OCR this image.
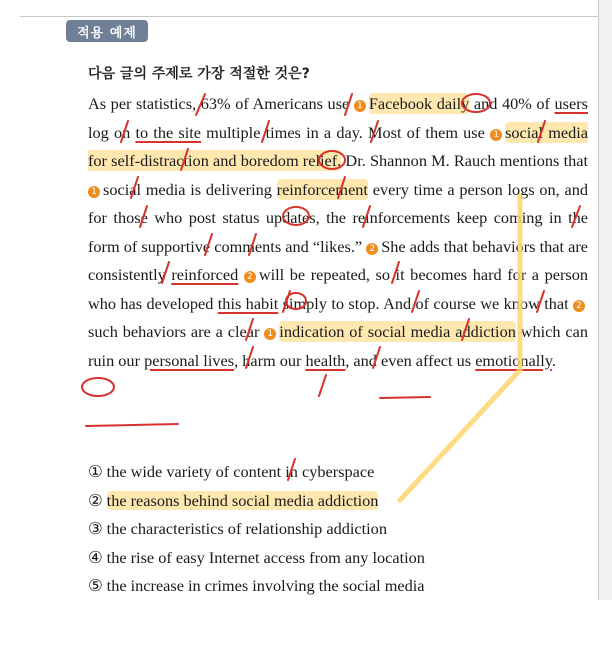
적용 예제
다음 글의 주제로 가장 적절한 것은?
As per statistics, 63% of Americans use 1 Facebook daily and 40% of users log on to the site multiple times in a day. Most of them use 1 social media for self-distraction and boredom relief. Dr. Shannon M. Rauch mentions that 1 social media is delivering reinforcement every time a person logs on, and for those who post status updates, the reinforcements keep coming in the form of supportive comments and “likes.” 2 She adds that behaviors that are consistently reinforced 2 will be repeated, so it becomes hard for a person who has developed this habit simply to stop. And of course we know that 2such behaviors are a clear 1 indication of social media addiction which can ruin our personal lives, harm our health, and even affect us emotionally.
① the wide variety of content in cyberspace
② the reasons behind social media addiction
③ the characteristics of relationship addiction
④ the rise of easy Internet access from any location
⑤ the increase in crimes involving the social media
